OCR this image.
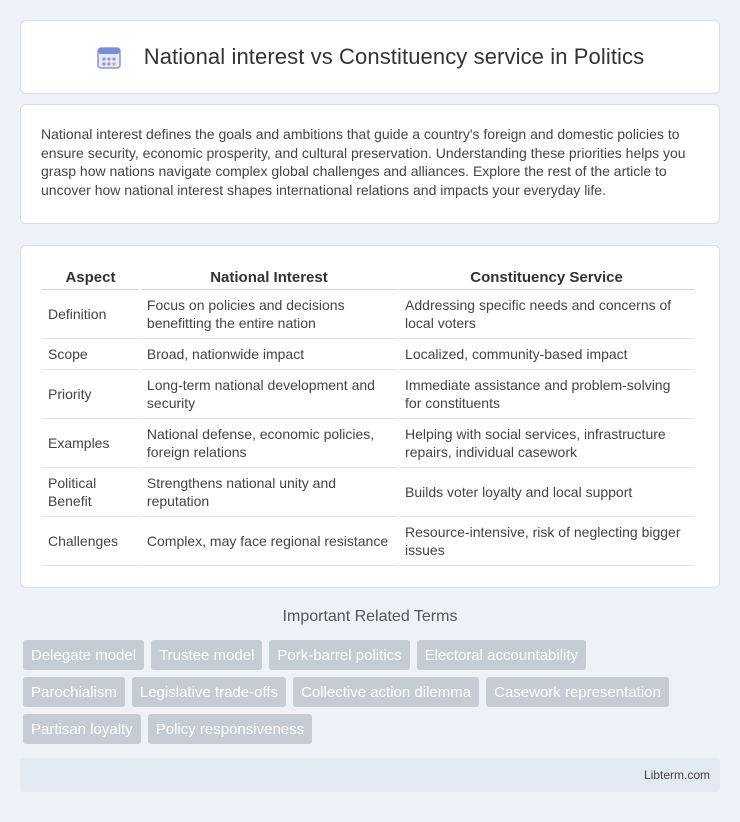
National interest vs Constituency service in Politics

National interest defines the goals and ambitions that guide a country's foreign and domestic policies to ensure security, economic prosperity, and cultural preservation. Understanding these priorities helps you grasp how nations navigate complex global challenges and alliances. Explore the rest of the article to uncover how national interest shapes international relations and impacts your everyday life.

Aspect	National Interest	Constituency Service
Definition	Focus on policies and decisions benefitting the entire nation	Addressing specific needs and concerns of local voters
Scope	Broad, nationwide impact	Localized, community-based impact
Priority	Long-term national development and security	Immediate assistance and problem-solving for constituents
Examples	National defense, economic policies, foreign relations	Helping with social services, infrastructure repairs, individual casework
Political Benefit	Strengthens national unity and reputation	Builds voter loyalty and local support
Challenges	Complex, may face regional resistance	Resource-intensive, risk of neglecting bigger issues
Important Related Terms
Delegate model	Trustee model	Pork-barrel politics	Electoral accountability
Parochialism	Legislative trade-offs	Collective action dilemma	Casework representation
Partisan loyalty	Policy responsiveness
Libterm.com
